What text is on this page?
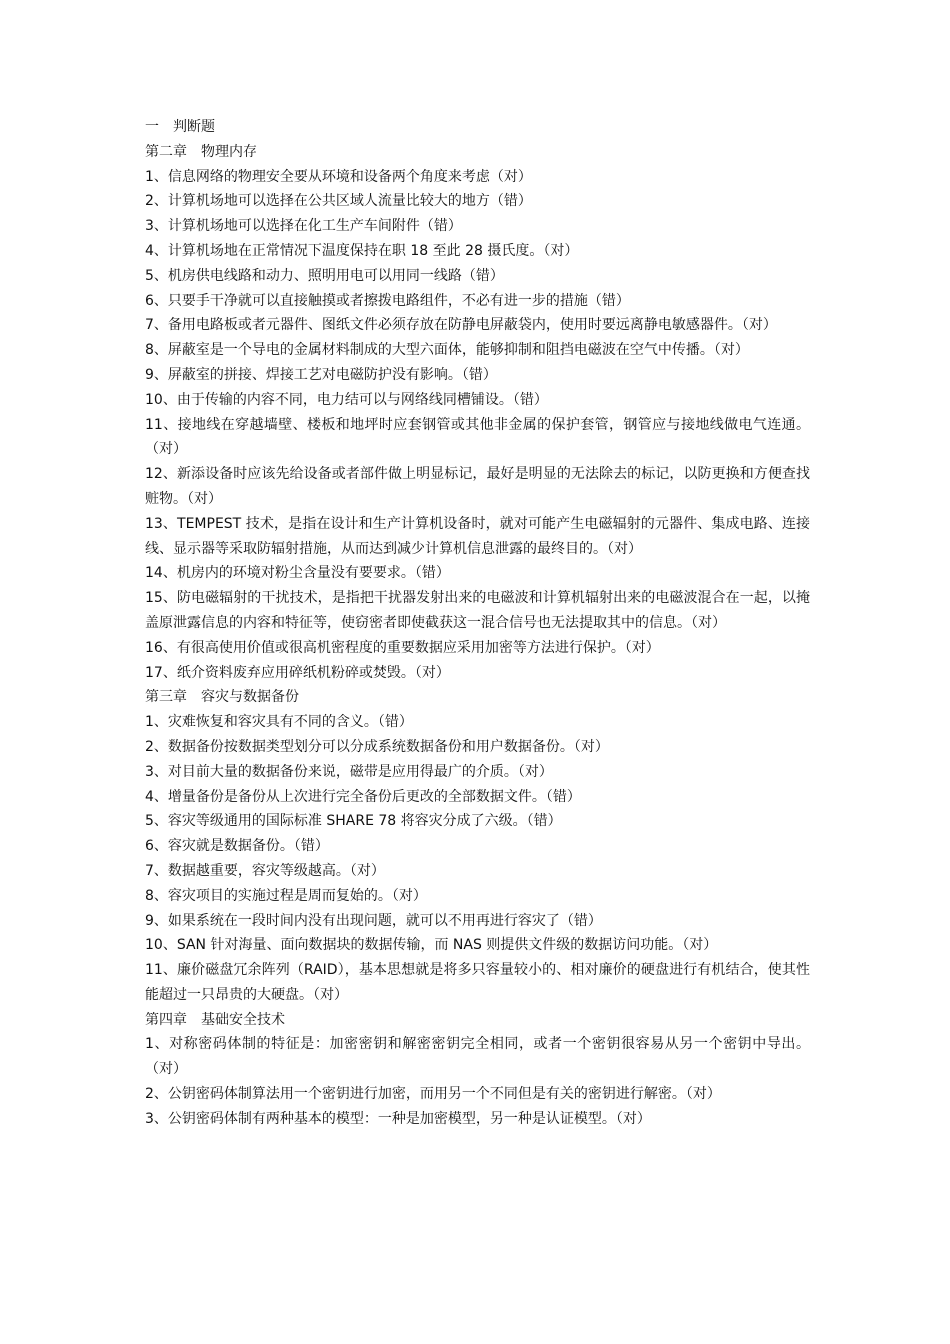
一　判断题

第二章　物理内存

1、信息网络的物理安全要从环境和设备两个角度来考虑（对）

2、计算机场地可以选择在公共区域人流量比较大的地方（错）

3、计算机场地可以选择在化工生产车间附件（错）

4、计算机场地在正常情况下温度保持在职 18 至此 28 摄氏度。（对）

5、机房供电线路和动力、照明用电可以用同一线路（错）

6、只要手干净就可以直接触摸或者擦拨电路组件，不必有进一步的措施（错）

7、备用电路板或者元器件、图纸文件必须存放在防静电屏蔽袋内，使用时要远离静电敏感器件。（对）

8、屏蔽室是一个导电的金属材料制成的大型六面体，能够抑制和阻挡电磁波在空气中传播。（对）

9、屏蔽室的拼接、焊接工艺对电磁防护没有影响。（错）

10、由于传输的内容不同，电力结可以与网络线同槽铺设。（错）

11、接地线在穿越墙壁、楼板和地坪时应套钢管或其他非金属的保护套管，钢管应与接地线做电气连通。（对）

12、新添设备时应该先给设备或者部件做上明显标记，最好是明显的无法除去的标记，以防更换和方便查找赃物。（对）

13、TEMPEST 技术，是指在设计和生产计算机设备时，就对可能产生电磁辐射的元器件、集成电路、连接线、显示器等采取防辐射措施，从而达到减少计算机信息泄露的最终目的。（对）

14、机房内的环境对粉尘含量没有要要求。（错）

15、防电磁辐射的干扰技术，是指把干扰器发射出来的电磁波和计算机辐射出来的电磁波混合在一起，以掩盖原泄露信息的内容和特征等，使窃密者即使截获这一混合信号也无法提取其中的信息。（对）

16、有很高使用价值或很高机密程度的重要数据应采用加密等方法进行保护。（对）

17、纸介资料废弃应用碎纸机粉碎或焚毁。（对）

第三章　容灾与数据备份

1、灾难恢复和容灾具有不同的含义。（错）

2、数据备份按数据类型划分可以分成系统数据备份和用户数据备份。（对）

3、对目前大量的数据备份来说，磁带是应用得最广的介质。（对）

4、增量备份是备份从上次进行完全备份后更改的全部数据文件。（错）

5、容灾等级通用的国际标准 SHARE 78 将容灾分成了六级。（错）

6、容灾就是数据备份。（错）

7、数据越重要，容灾等级越高。（对）

8、容灾项目的实施过程是周而复始的。（对）

9、如果系统在一段时间内没有出现问题，就可以不用再进行容灾了（错）

10、SAN 针对海量、面向数据块的数据传输，而 NAS 则提供文件级的数据访问功能。（对）

11、廉价磁盘冗余阵列（RAID），基本思想就是将多只容量较小的、相对廉价的硬盘进行有机结合，使其性能超过一只昂贵的大硬盘。（对）

第四章　基础安全技术

1、对称密码体制的特征是：加密密钥和解密密钥完全相同，或者一个密钥很容易从另一个密钥中导出。（对）

2、公钥密码体制算法用一个密钥进行加密，而用另一个不同但是有关的密钥进行解密。（对）

3、公钥密码体制有两种基本的模型：一种是加密模型，另一种是认证模型。（对）
